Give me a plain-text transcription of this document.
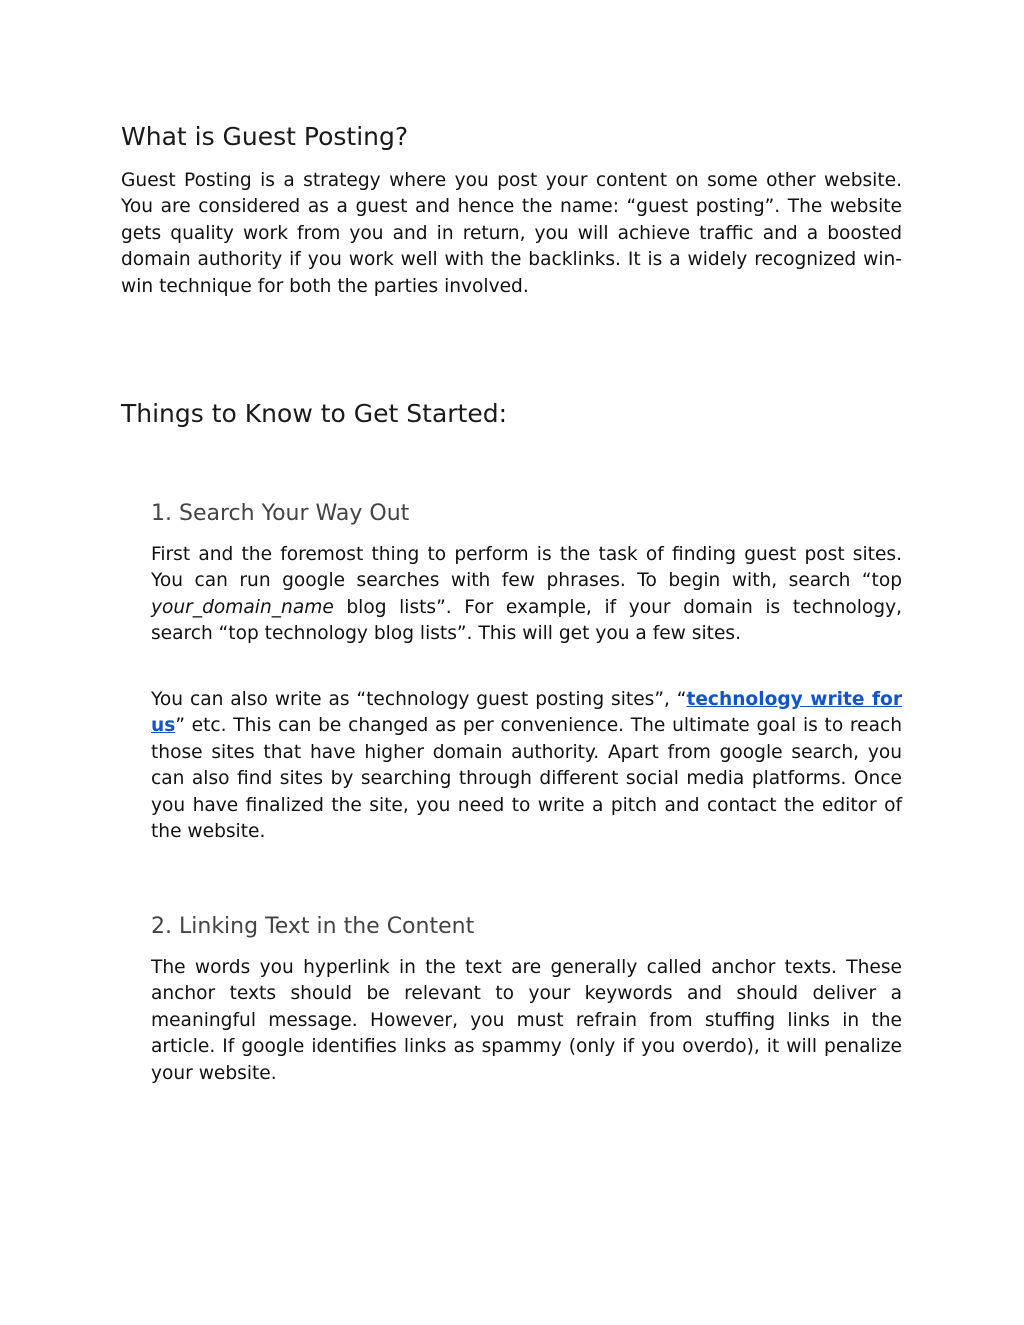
What is Guest Posting?

Guest Posting is a strategy where you post your content on some other website. You are considered as a guest and hence the name: “guest posting”. The website gets quality work from you and in return, you will achieve traffic and a boosted domain authority if you work well with the backlinks. It is a widely recognized win-win technique for both the parties involved.

Things to Know to Get Started:
1. Search Your Way Out

First and the foremost thing to perform is the task of finding guest post sites. You can run google searches with few phrases. To begin with, search “top your_domain_name blog lists”. For example, if your domain is technology, search “top technology blog lists”. This will get you a few sites.

You can also write as “technology guest posting sites”, “technology write for us” etc. This can be changed as per convenience. The ultimate goal is to reach those sites that have higher domain authority. Apart from google search, you can also find sites by searching through different social media platforms. Once you have finalized the site, you need to write a pitch and contact the editor of the website.

2. Linking Text in the Content

The words you hyperlink in the text are generally called anchor texts. These anchor texts should be relevant to your keywords and should deliver a meaningful message. However, you must refrain from stuffing links in the article. If google identifies links as spammy (only if you overdo), it will penalize your website.
